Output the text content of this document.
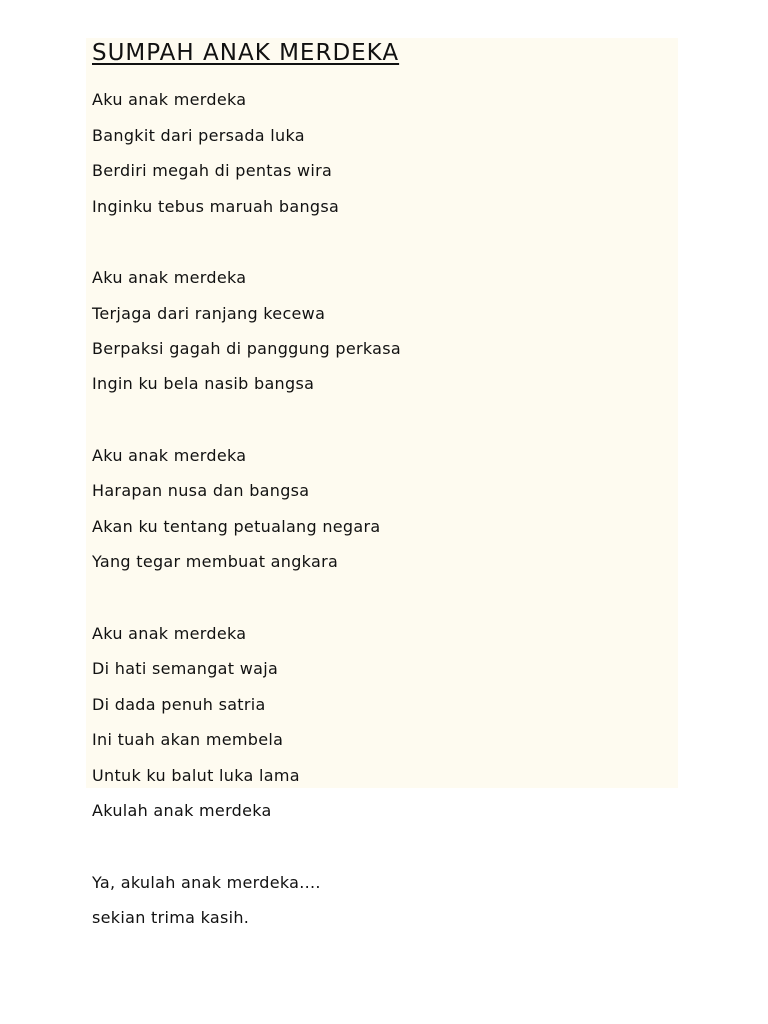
SUMPAH ANAK MERDEKA

Aku anak merdeka

Bangkit dari persada luka

Berdiri megah di pentas wira

Inginku tebus maruah bangsa

Aku anak merdeka

Terjaga dari ranjang kecewa

Berpaksi gagah di panggung perkasa

Ingin ku bela nasib bangsa

Aku anak merdeka

Harapan nusa dan bangsa

Akan ku tentang petualang negara

Yang tegar membuat angkara

Aku anak merdeka

Di hati semangat waja

Di dada penuh satria

Ini tuah akan membela

Untuk ku balut luka lama

Akulah anak merdeka

Ya, akulah anak merdeka....

sekian trima kasih.
